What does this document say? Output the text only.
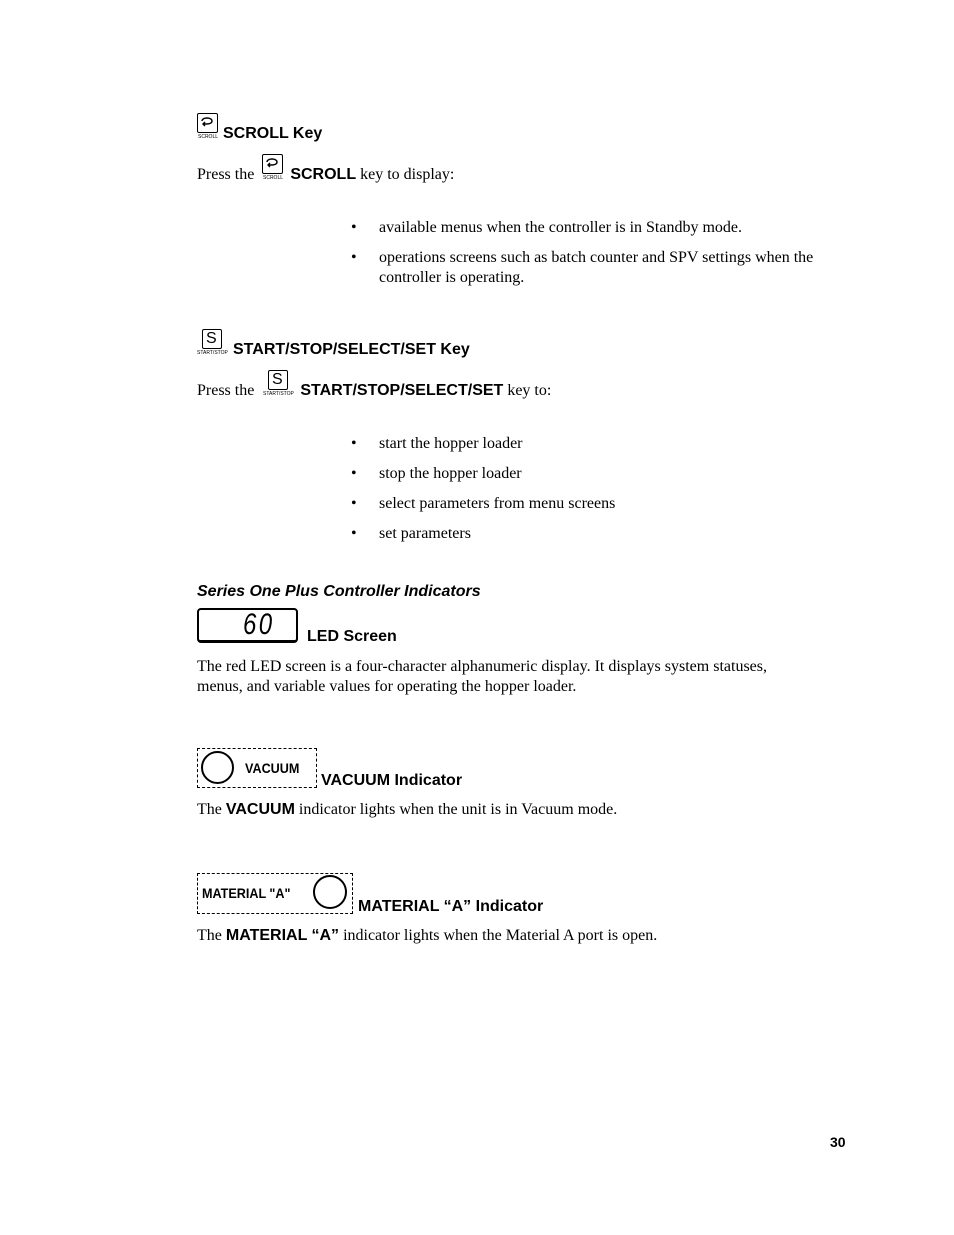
SCROLL SCROLL Key
Press the SCROLL key to display:
SCROLL
• available menus when the controller is in Standby mode.
• operations screens such as batch counter and SPV settings when the
controller is operating.
S
START/STOP START/STOP/SELECT/SET Key
Press the	START/STOP/SELECT/SET key to:
S
START/STOP
• start the hopper loader
• stop the hopper loader
• select parameters from menu screens
• set parameters
Series One Plus Controller Indicators
60 LED Screen
The red LED screen is a four-character alphanumeric display. It displays system statuses,
menus, and variable values for operating the hopper loader.
VACUUM
VACUUM Indicator
The VACUUM indicator lights when the unit is in Vacuum mode.
MATERIAL "A"
MATERIAL “A” Indicator
The MATERIAL “A” indicator lights when the Material A port is open.
30
